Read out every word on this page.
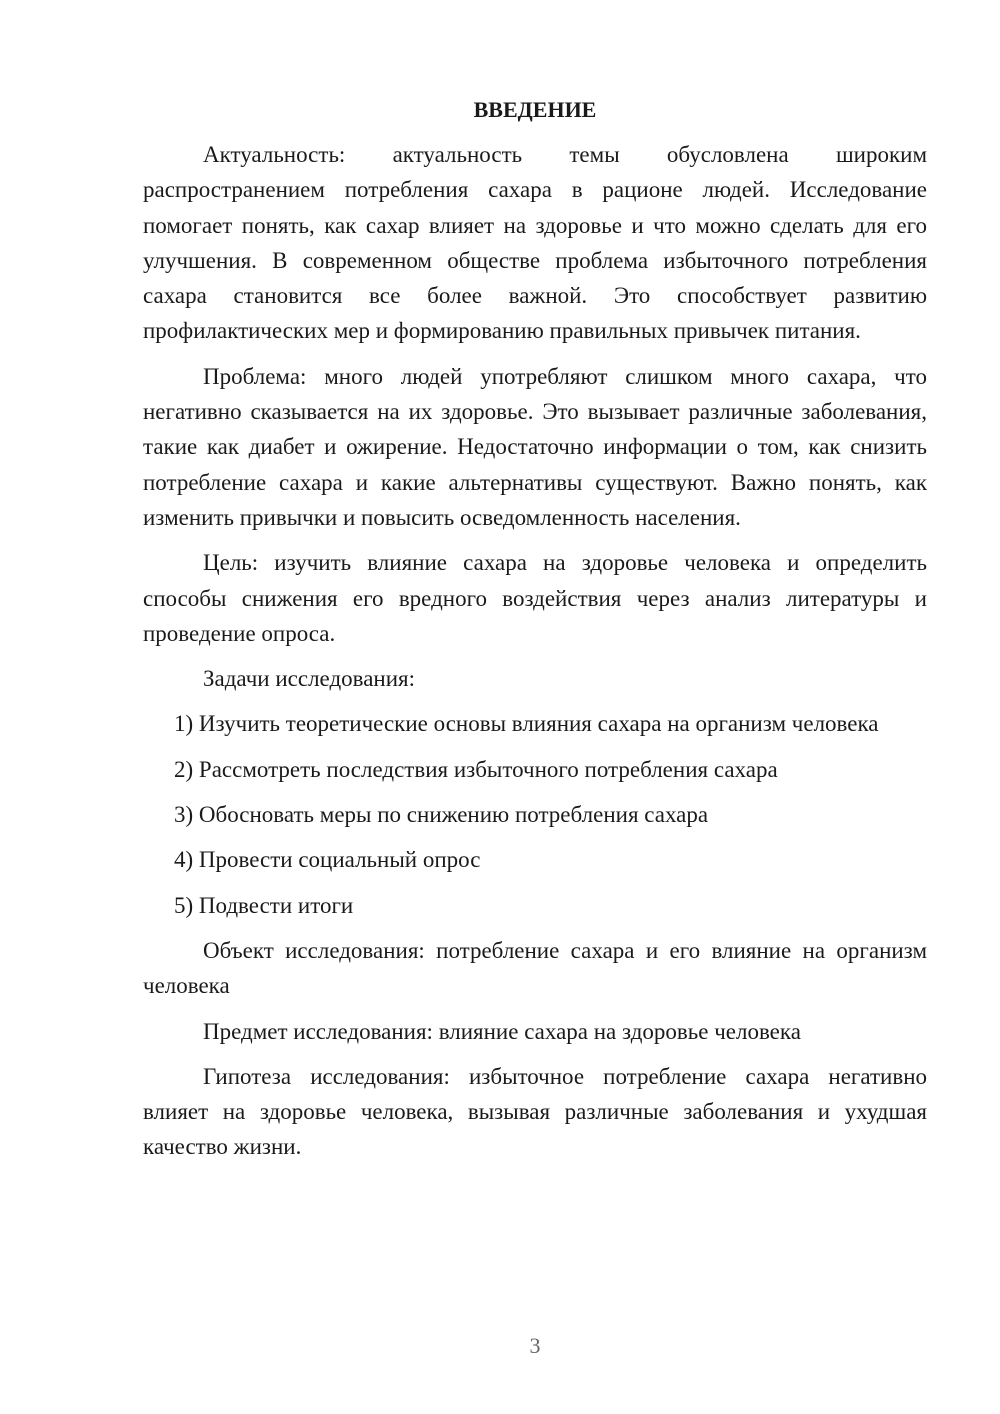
ВВЕДЕНИЕ

Актуальность: актуальность темы обусловлена широким распространением потребления сахара в рационе людей. Исследование помогает понять, как сахар влияет на здоровье и что можно сделать для его улучшения. В современном обществе проблема избыточного потребления сахара становится все более важной. Это способствует развитию профилактических мер и формированию правильных привычек питания.

Проблема: много людей употребляют слишком много сахара, что негативно сказывается на их здоровье. Это вызывает различные заболевания, такие как диабет и ожирение. Недостаточно информации о том, как снизить потребление сахара и какие альтернативы существуют. Важно понять, как изменить привычки и повысить осведомленность населения.

Цель: изучить влияние сахара на здоровье человека и определить способы снижения его вредного воздействия через анализ литературы и проведение опроса.

Задачи исследования:

1) Изучить теоретические основы влияния сахара на организм человека

2) Рассмотреть последствия избыточного потребления сахара

3) Обосновать меры по снижению потребления сахара

4) Провести социальный опрос

5) Подвести итоги

Объект исследования: потребление сахара и его влияние на организм человека

Предмет исследования: влияние сахара на здоровье человека

Гипотеза исследования: избыточное потребление сахара негативно влияет на здоровье человека, вызывая различные заболевания и ухудшая качество жизни.

3
